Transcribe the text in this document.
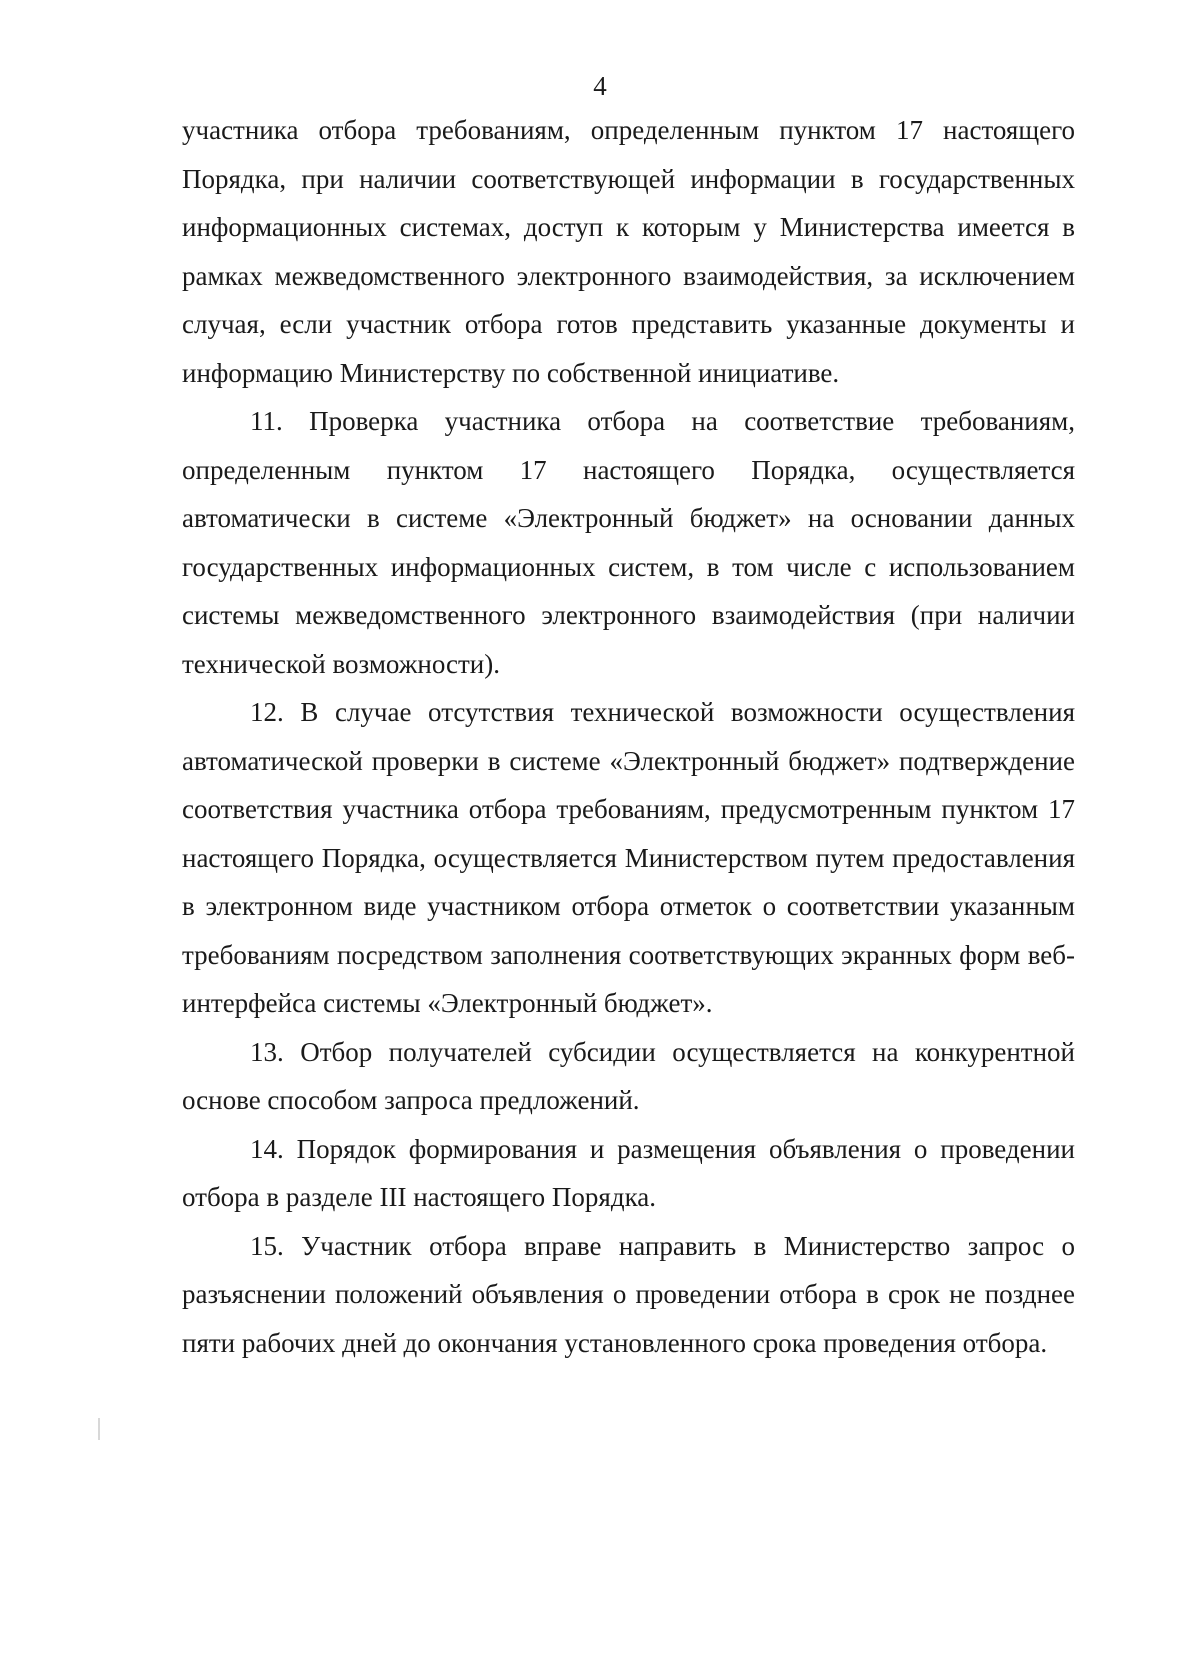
4

участника отбора требованиям, определенным пунктом 17 настоящего Порядка, при наличии соответствующей информации в государственных информационных системах, доступ к которым у Министерства имеется в рамках межведомственного электронного взаимодействия, за исключением случая, если участник отбора готов представить указанные документы и информацию Министерству по собственной инициативе.

11. Проверка участника отбора на соответствие требованиям, определенным пунктом 17 настоящего Порядка, осуществляется автоматически в системе «Электронный бюджет» на основании данных государственных информационных систем, в том числе с использованием системы межведомственного электронного взаимодействия (при наличии технической возможности).

12. В случае отсутствия технической возможности осуществления автоматической проверки в системе «Электронный бюджет» подтверждение соответствия участника отбора требованиям, предусмотренным пунктом 17 настоящего Порядка, осуществляется Министерством путем предоставления в электронном виде участником отбора отметок о соответствии указанным требованиям посредством заполнения соответствующих экранных форм веб-интерфейса системы «Электронный бюджет».

13. Отбор получателей субсидии осуществляется на конкурентной основе способом запроса предложений.

14. Порядок формирования и размещения объявления о проведении отбора в разделе III настоящего Порядка.

15. Участник отбора вправе направить в Министерство запрос о разъяснении положений объявления о проведении отбора в срок не позднее пяти рабочих дней до окончания установленного срока проведения отбора.
